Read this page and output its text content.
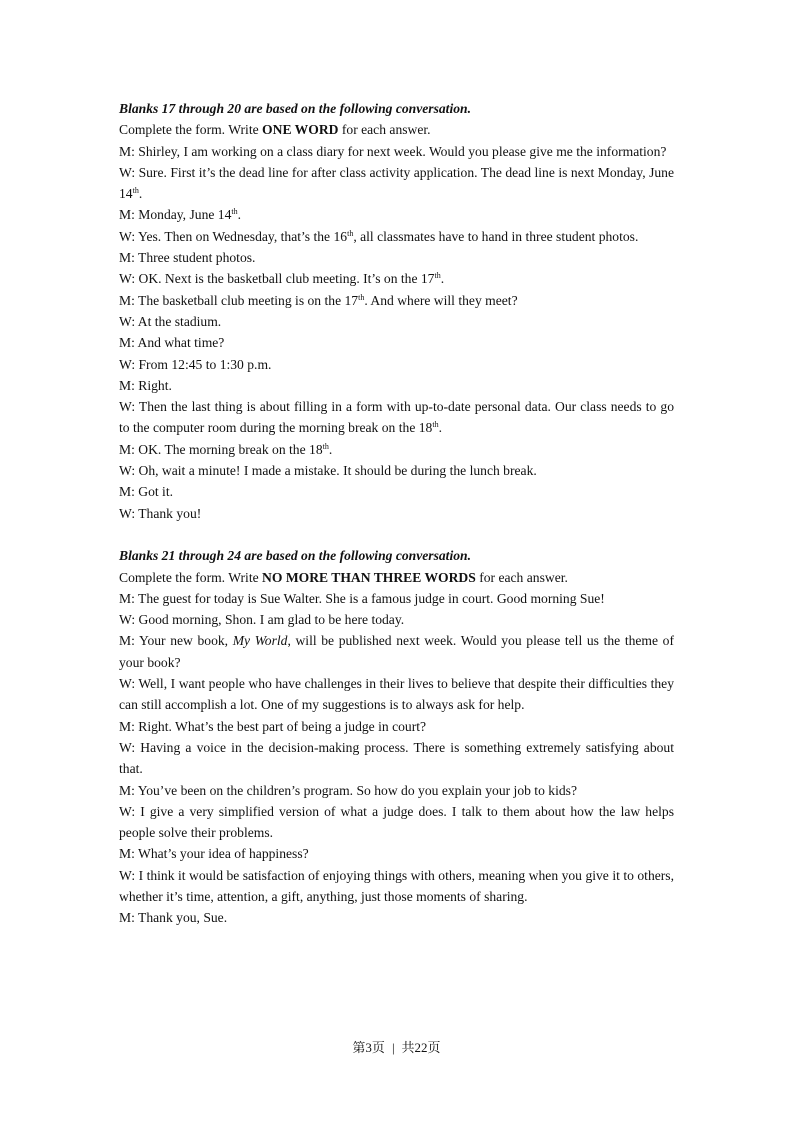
Blanks 17 through 20 are based on the following conversation.

Complete the form. Write ONE WORD for each answer.

M: Shirley, I am working on a class diary for next week. Would you please give me the information?

W: Sure. First it’s the dead line for after class activity application. The dead line is next Monday, June 14th.

M: Monday, June 14th.

W: Yes. Then on Wednesday, that’s the 16th, all classmates have to hand in three student photos.

M: Three student photos.

W: OK. Next is the basketball club meeting. It’s on the 17th.

M: The basketball club meeting is on the 17th. And where will they meet?

W: At the stadium.

M: And what time?

W: From 12:45 to 1:30 p.m.

M: Right.

W: Then the last thing is about filling in a form with up-to-date personal data. Our class needs to go to the computer room during the morning break on the 18th.

M: OK. The morning break on the 18th.

W: Oh, wait a minute! I made a mistake. It should be during the lunch break.

M: Got it.

W: Thank you!

Blanks 21 through 24 are based on the following conversation.

Complete the form. Write NO MORE THAN THREE WORDS for each answer.

M: The guest for today is Sue Walter. She is a famous judge in court. Good morning Sue!

W: Good morning, Shon. I am glad to be here today.

M: Your new book, My World, will be published next week. Would you please tell us the theme of your book?

W: Well, I want people who have challenges in their lives to believe that despite their difficulties they can still accomplish a lot. One of my suggestions is to always ask for help.

M: Right. What’s the best part of being a judge in court?

W: Having a voice in the decision-making process. There is something extremely satisfying about that.

M: You’ve been on the children’s program. So how do you explain your job to kids?

W: I give a very simplified version of what a judge does. I talk to them about how the law helps people solve their problems.

M: What’s your idea of happiness?

W: I think it would be satisfaction of enjoying things with others, meaning when you give it to others, whether it’s time, attention, a gift, anything, just those moments of sharing.

M: Thank you, Sue.

第3页 | 共22页
